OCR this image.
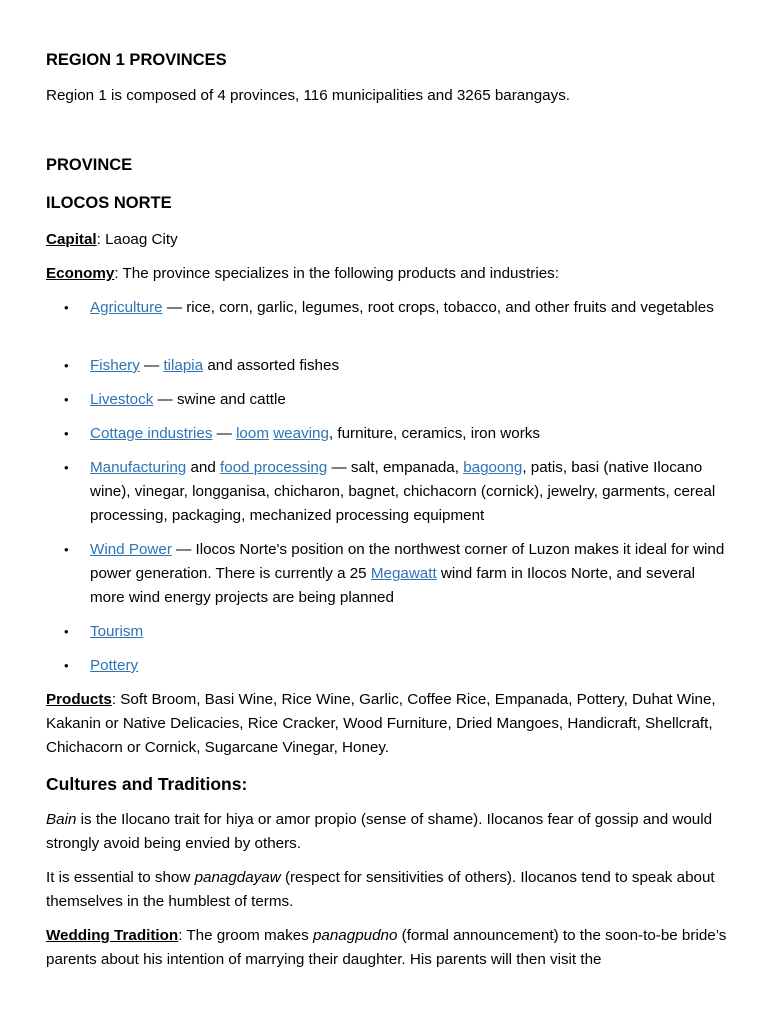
REGION 1 PROVINCES

Region 1 is composed of 4 provinces, 116 municipalities and 3265 barangays.

PROVINCE
ILOCOS NORTE

Capital: Laoag City

Economy: The province specializes in the following products and industries:

• Agriculture — rice, corn, garlic, legumes, root crops, tobacco, and other fruits and vegetables
• Fishery — tilapia and assorted fishes
• Livestock — swine and cattle
• Cottage industries — loom weaving, furniture, ceramics, iron works
• Manufacturing and food processing — salt, empanada, bagoong, patis, basi (native Ilocano wine), vinegar, longganisa, chicharon, bagnet, chichacorn (cornick), jewelry, garments, cereal processing, packaging, mechanized processing equipment
• Wind Power — Ilocos Norte's position on the northwest corner of Luzon makes it ideal for wind power generation. There is currently a 25 Megawatt wind farm in Ilocos Norte, and several more wind energy projects are being planned
• Tourism
• Pottery

Products: Soft Broom, Basi Wine, Rice Wine, Garlic, Coffee Rice, Empanada, Pottery, Duhat Wine, Kakanin or Native Delicacies, Rice Cracker, Wood Furniture, Dried Mangoes, Handicraft, Shellcraft, Chichacorn or Cornick, Sugarcane Vinegar, Honey.

Cultures and Traditions:

Bain is the Ilocano trait for hiya or amor propio (sense of shame). Ilocanos fear of gossip and would strongly avoid being envied by others.

It is essential to show panagdayaw (respect for sensitivities of others). Ilocanos tend to speak about themselves in the humblest of terms.

Wedding Tradition: The groom makes panagpudno (formal announcement) to the soon-to-be bride’s parents about his intention of marrying their daughter. His parents will then visit the
